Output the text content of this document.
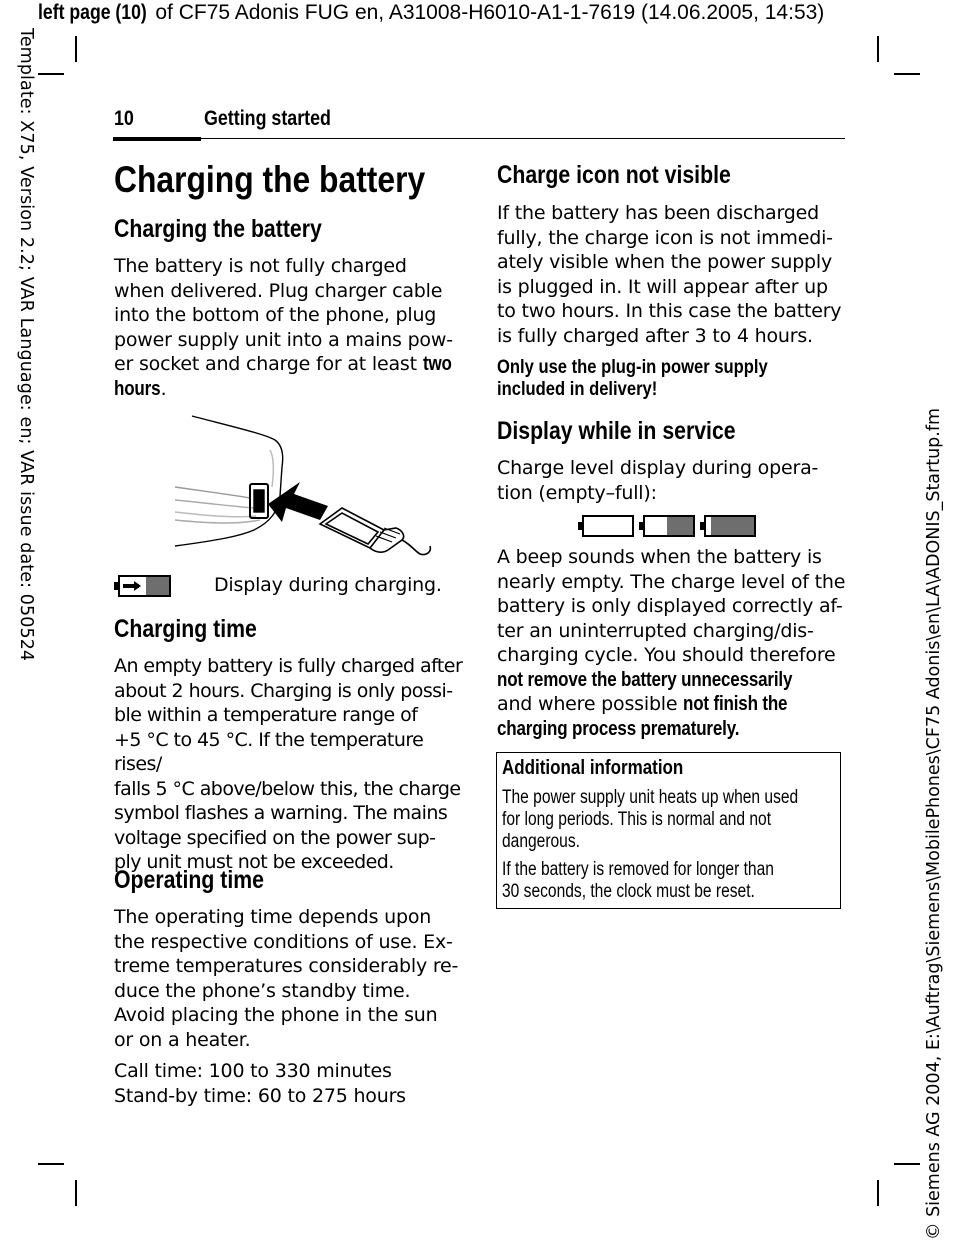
left page (10) of CF75 Adonis FUG en, A31008-H6010-A1-1-7619 (14.06.2005, 14:53)
Template: X75, Version 2.2; VAR Language: en; VAR issue date: 050524
© Siemens AG 2004, E:\Auftrag\Siemens\MobilePhones\CF75 Adonis\en\LA\ADONIS_Startup.fm
10	Getting started
Charging the battery
Charging the battery
The battery is not fully charged
when delivered. Plug charger cable
into the bottom of the phone, plug
power supply unit into a mains pow-
er socket and charge for at least two
hours.
Display during charging.
Charging time
An empty battery is fully charged after
about 2 hours. Charging is only possi-
ble within a temperature range of
+5 °C to 45 °C. If the temperature rises/
falls 5 °C above/below this, the charge
symbol flashes a warning. The mains
voltage specified on the power sup-
ply unit must not be exceeded.
Operating time
The operating time depends upon
the respective conditions of use. Ex-
treme temperatures considerably re-
duce the phone’s standby time.
Avoid placing the phone in the sun
or on a heater.
Call time: 100 to 330 minutes
Stand-by time: 60 to 275 hours
Charge icon not visible
If the battery has been discharged
fully, the charge icon is not immedi-
ately visible when the power supply
is plugged in. It will appear after up
to two hours. In this case the battery
is fully charged after 3 to 4 hours.
Only use the plug-in power supply
included in delivery!
Display while in service
Charge level display during opera-
tion (empty–full):
A beep sounds when the battery is
nearly empty. The charge level of the
battery is only displayed correctly af-
ter an uninterrupted charging/dis-
charging cycle. You should therefore
not remove the battery unnecessarily
and where possible not finish the
charging process prematurely.
Additional information
The power supply unit heats up when used
for long periods. This is normal and not
dangerous.
If the battery is removed for longer than
30 seconds, the clock must be reset.
